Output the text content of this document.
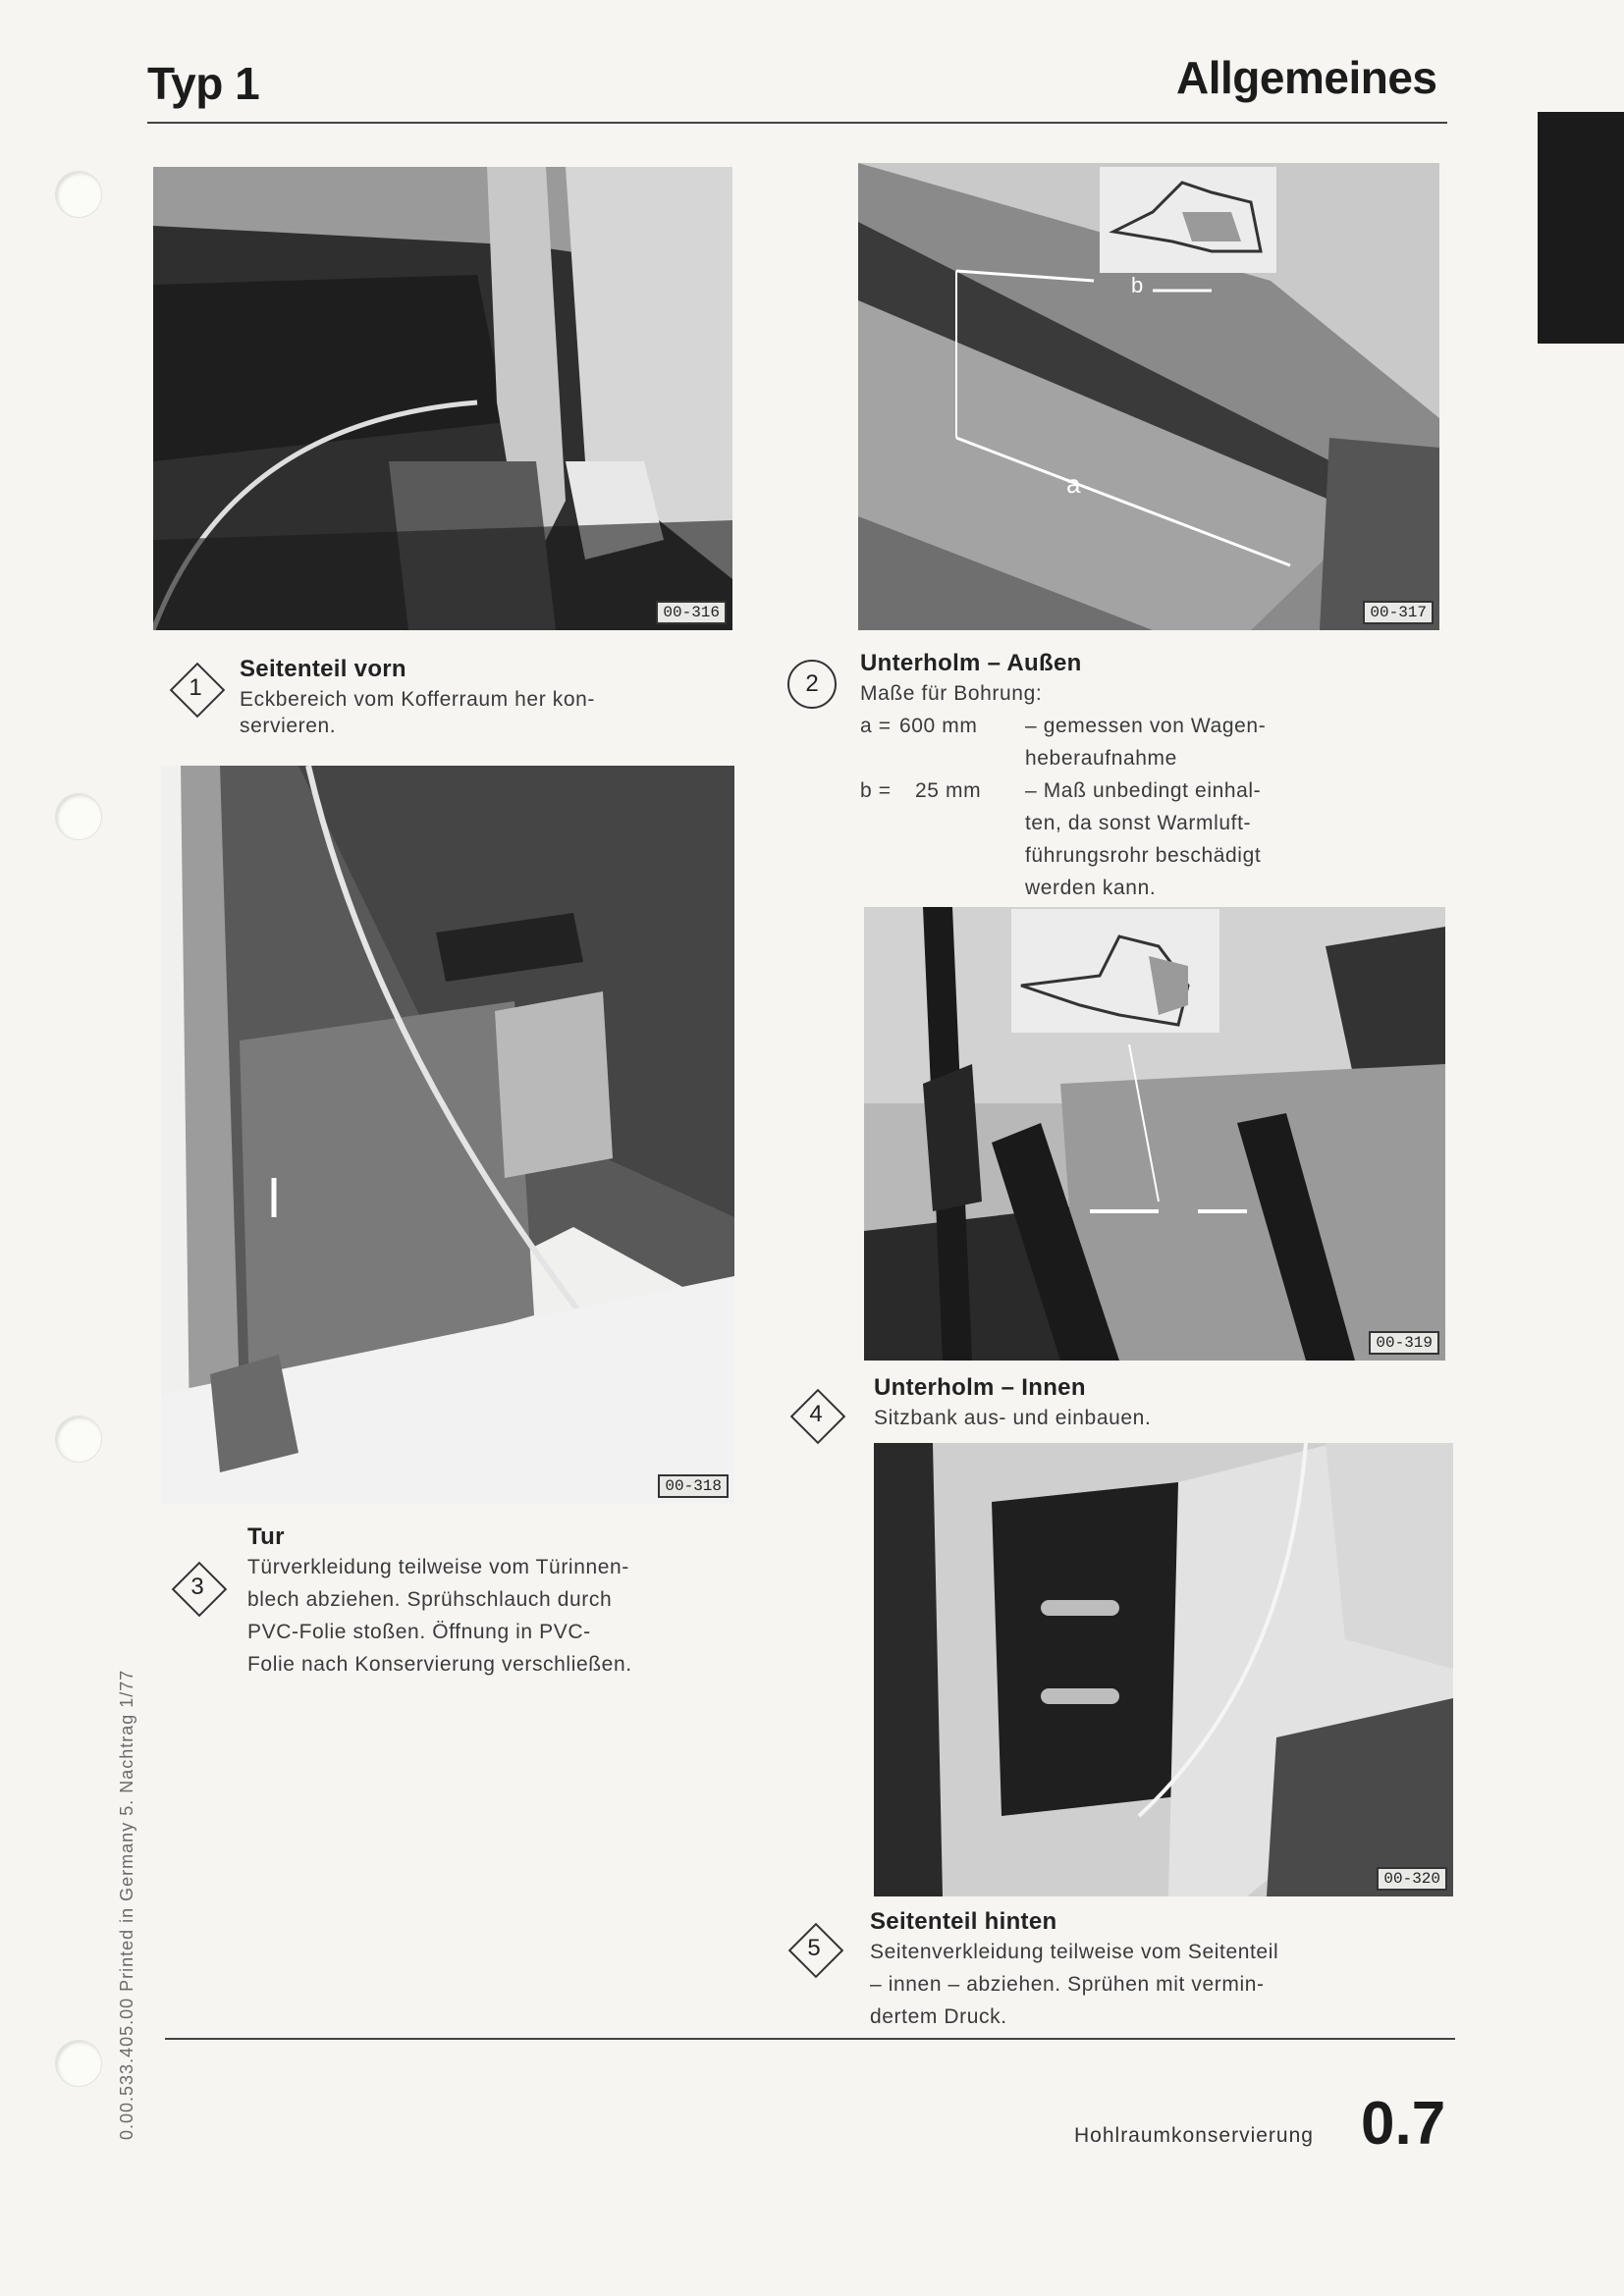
Typ 1	Allgemeines
00-316
b
a
00-317
1
Seitenteil vorn
Eckbereich vom Kofferraum her kon-
servieren.
2
Unterholm – Außen
Maße für Bohrung:
a = 600 mm	– gemessen von Wagen-
heberaufnahme
b =	25 mm	– Maß unbedingt einhal-
ten, da sonst Warmluft-
führungsrohr beschädigt
werden kann.
00-318
00-319
4
Unterholm – Innen
Sitzbank aus- und einbauen.
3
Tur
Türverkleidung teilweise vom Türinnen-
blech abziehen. Sprühschlauch durch
PVC-Folie stoßen. Öffnung in PVC-
Folie nach Konservierung verschließen.
00-320
5
Seitenteil hinten
Seitenverkleidung teilweise vom Seitenteil
– innen – abziehen. Sprühen mit vermin-
dertem Druck.
0.00.533.405.00 Printed in Germany 5. Nachtrag 1/77	Hohlraumkonservierung 0.7
